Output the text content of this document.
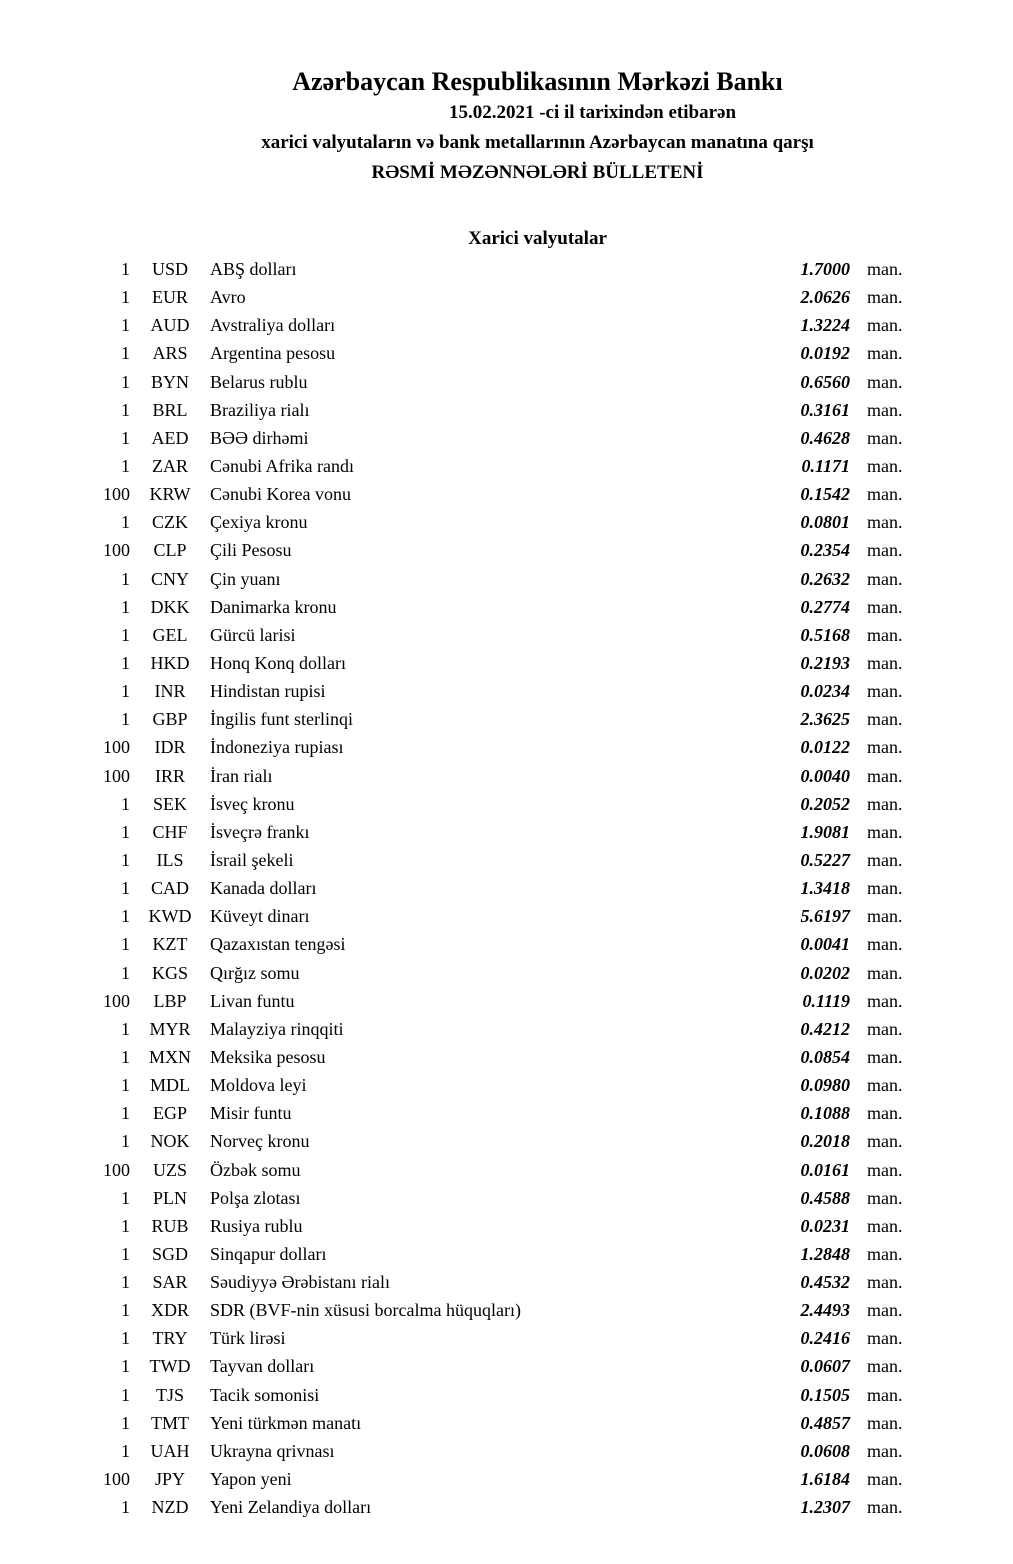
Azərbaycan Respublikasının Mərkəzi Bankı
15.02.2021 -ci il tarixindən etibarən
xarici valyutaların və bank metallarının Azərbaycan manatına qarşı
RƏSMİ MƏZƏNNƏLƏRİ BÜLLETENİ
Xarici valyutalar
1	USD	ABŞ dolları	1.7000 man.
1	EUR	Avro	2.0626 man.
1	AUD	Avstraliya dolları	1.3224 man.
1	ARS	Argentina pesosu	0.0192 man.
1	BYN	Belarus rublu	0.6560 man.
1	BRL	Braziliya rialı	0.3161 man.
1	AED	BƏƏ dirhəmi	0.4628 man.
1	ZAR	Cənubi Afrika randı	0.1171 man.
100	KRW	Cənubi Korea vonu	0.1542 man.
1	CZK	Çexiya kronu	0.0801 man.
100	CLP	Çili Pesosu	0.2354 man.
1	CNY	Çin yuanı	0.2632 man.
1	DKK	Danimarka kronu	0.2774 man.
1	GEL	Gürcü larisi	0.5168 man.
1	HKD	Honq Konq dolları	0.2193 man.
1	INR	Hindistan rupisi	0.0234 man.
1	GBP	İngilis funt sterlinqi	2.3625 man.
100	IDR	İndoneziya rupiası	0.0122 man.
100	IRR	İran rialı	0.0040 man.
1	SEK	İsveç kronu	0.2052 man.
1	CHF	İsveçrə frankı	1.9081 man.
1	ILS	İsrail şekeli	0.5227 man.
1	CAD	Kanada dolları	1.3418 man.
1	KWD	Küveyt dinarı	5.6197 man.
1	KZT	Qazaxıstan tengəsi	0.0041 man.
1	KGS	Qırğız somu	0.0202 man.
100	LBP	Livan funtu	0.1119 man.
1	MYR	Malayziya rinqqiti	0.4212 man.
1	MXN	Meksika pesosu	0.0854 man.
1	MDL	Moldova leyi	0.0980 man.
1	EGP	Misir funtu	0.1088 man.
1	NOK	Norveç kronu	0.2018 man.
100	UZS	Özbək somu	0.0161 man.
1	PLN	Polşa zlotası	0.4588 man.
1	RUB	Rusiya rublu	0.0231 man.
1	SGD	Sinqapur dolları	1.2848 man.
1	SAR	Səudiyyə Ərəbistanı rialı	0.4532 man.
1	XDR	SDR (BVF-nin xüsusi borcalma hüquqları)	2.4493 man.
1	TRY	Türk lirəsi	0.2416 man.
1	TWD	Tayvan dolları	0.0607 man.
1	TJS	Tacik somonisi	0.1505 man.
1	TMT	Yeni türkmən manatı	0.4857 man.
1	UAH	Ukrayna qrivnası	0.0608 man.
100	JPY	Yapon yeni	1.6184 man.
1	NZD	Yeni Zelandiya dolları	1.2307 man.
